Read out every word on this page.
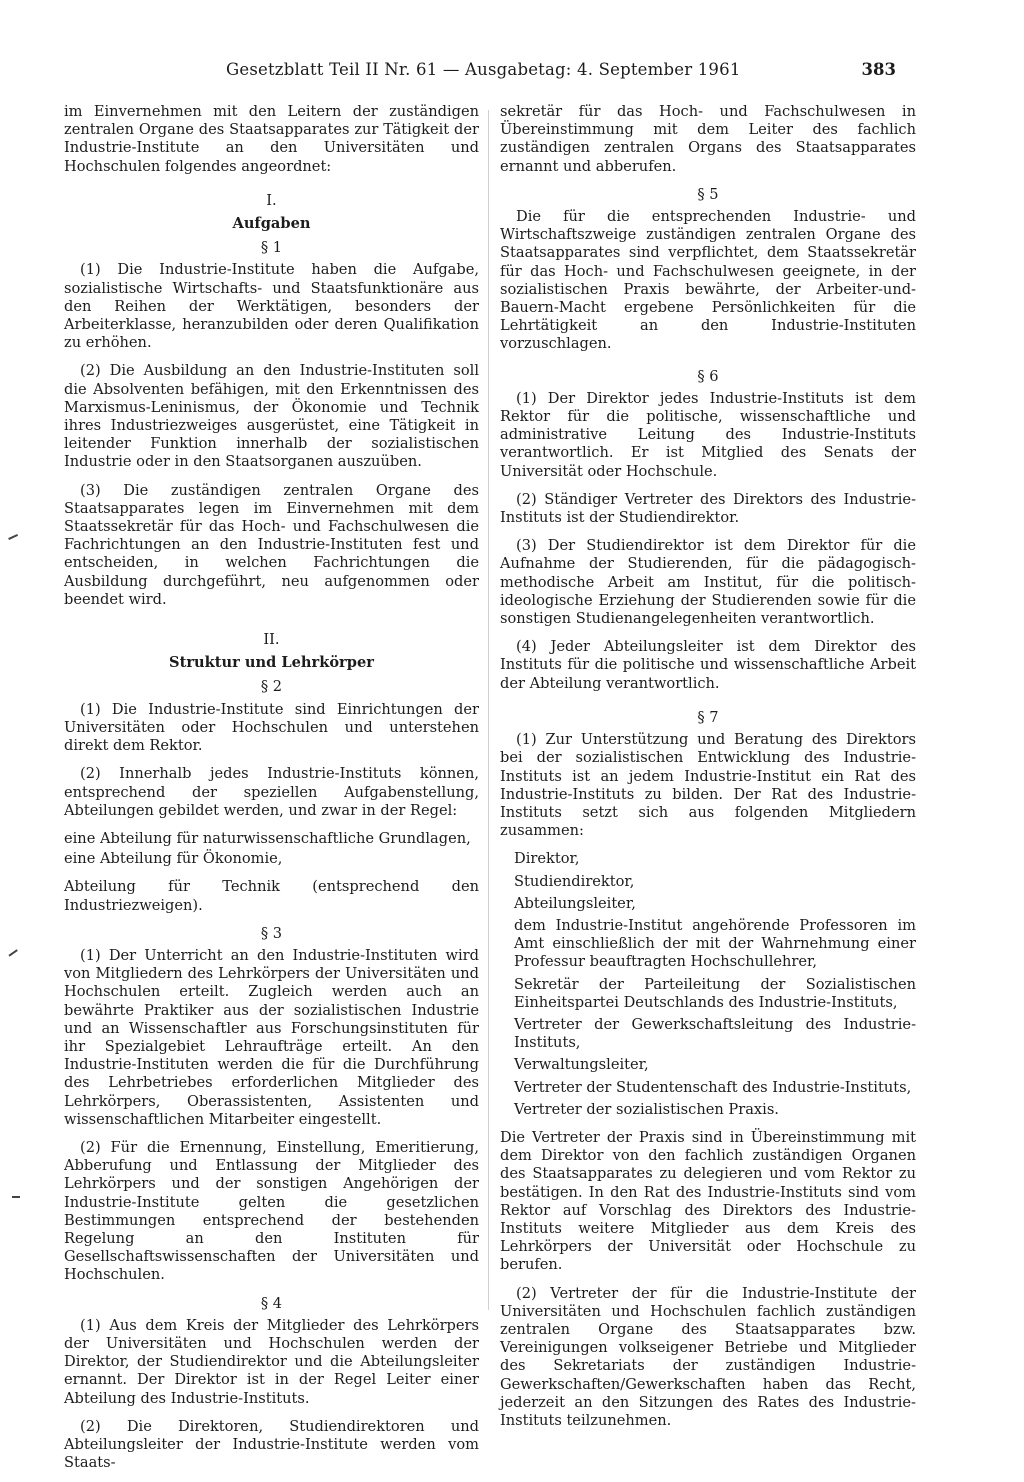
Gesetzblatt Teil II Nr. 61 — Ausgabetag: 4. September 1961	383

im Einvernehmen mit den Leitern der zuständigen zentralen Organe des Staatsapparates zur Tätigkeit der Industrie-Institute an den Universitäten und Hochschulen folgendes angeordnet:

I.
Aufgaben
§ 1

(1) Die Industrie-Institute haben die Aufgabe, sozialistische Wirtschafts- und Staatsfunktionäre aus den Reihen der Werktätigen, besonders der Arbeiterklasse, heranzubilden oder deren Qualifikation zu erhöhen.

(2) Die Ausbildung an den Industrie-Instituten soll die Absolventen befähigen, mit den Erkenntnissen des Marxismus-Leninismus, der Ökonomie und Technik ihres Industriezweiges ausgerüstet, eine Tätigkeit in leitender Funktion innerhalb der sozialistischen Industrie oder in den Staatsorganen auszuüben.

(3) Die zuständigen zentralen Organe des Staatsapparates legen im Einvernehmen mit dem Staatssekretär für das Hoch- und Fachschulwesen die Fachrichtungen an den Industrie-Instituten fest und entscheiden, in welchen Fachrichtungen die Ausbildung durchgeführt, neu aufgenommen oder beendet wird.

II.
Struktur und Lehrkörper
§ 2

(1) Die Industrie-Institute sind Einrichtungen der Universitäten oder Hochschulen und unterstehen direkt dem Rektor.

(2) Innerhalb jedes Industrie-Instituts können, entsprechend der speziellen Aufgabenstellung, Abteilungen gebildet werden, und zwar in der Regel:

eine Abteilung für naturwissenschaftliche Grundlagen,

eine Abteilung für Ökonomie,

Abteilung für Technik (entsprechend den Industriezweigen).

§ 3

(1) Der Unterricht an den Industrie-Instituten wird von Mitgliedern des Lehrkörpers der Universitäten und Hochschulen erteilt. Zugleich werden auch an bewährte Praktiker aus der sozialistischen Industrie und an Wissenschaftler aus Forschungsinstituten für ihr Spezialgebiet Lehraufträge erteilt. An den Industrie-Instituten werden die für die Durchführung des Lehrbetriebes erforderlichen Mitglieder des Lehrkörpers, Oberassistenten, Assistenten und wissenschaftlichen Mitarbeiter eingestellt.

(2) Für die Ernennung, Einstellung, Emeritierung, Abberufung und Entlassung der Mitglieder des Lehrkörpers und der sonstigen Angehörigen der Industrie-Institute gelten die gesetzlichen Bestimmungen entsprechend der bestehenden Regelung an den Instituten für Gesellschaftswissenschaften der Universitäten und Hochschulen.

§ 4

(1) Aus dem Kreis der Mitglieder des Lehrkörpers der Universitäten und Hochschulen werden der Direktor, der Studiendirektor und die Abteilungsleiter ernannt. Der Direktor ist in der Regel Leiter einer Abteilung des Industrie-Instituts.

(2) Die Direktoren, Studiendirektoren und Abteilungsleiter der Industrie-Institute werden vom Staats-

sekretär für das Hoch- und Fachschulwesen in Übereinstimmung mit dem Leiter des fachlich zuständigen zentralen Organs des Staatsapparates ernannt und abberufen.

§ 5

Die für die entsprechenden Industrie- und Wirtschaftszweige zuständigen zentralen Organe des Staatsapparates sind verpflichtet, dem Staatssekretär für das Hoch- und Fachschulwesen geeignete, in der sozialistischen Praxis bewährte, der Arbeiter-und-Bauern-Macht ergebene Persönlichkeiten für die Lehrtätigkeit an den Industrie-Instituten vorzuschlagen.

§ 6

(1) Der Direktor jedes Industrie-Instituts ist dem Rektor für die politische, wissenschaftliche und administrative Leitung des Industrie-Instituts verantwortlich. Er ist Mitglied des Senats der Universität oder Hochschule.

(2) Ständiger Vertreter des Direktors des Industrie-Instituts ist der Studiendirektor.

(3) Der Studiendirektor ist dem Direktor für die Aufnahme der Studierenden, für die pädagogisch-methodische Arbeit am Institut, für die politisch-ideologische Erziehung der Studierenden sowie für die sonstigen Studienangelegenheiten verantwortlich.

(4) Jeder Abteilungsleiter ist dem Direktor des Instituts für die politische und wissenschaftliche Arbeit der Abteilung verantwortlich.

§ 7

(1) Zur Unterstützung und Beratung des Direktors bei der sozialistischen Entwicklung des Industrie-Instituts ist an jedem Industrie-Institut ein Rat des Industrie-Instituts zu bilden. Der Rat des Industrie-Instituts setzt sich aus folgenden Mitgliedern zusammen:

Direktor,
Studiendirektor,
Abteilungsleiter,
dem Industrie-Institut angehörende Professoren im Amt einschließlich der mit der Wahrnehmung einer Professur beauftragten Hochschullehrer,
Sekretär der Parteileitung der Sozialistischen Einheitspartei Deutschlands des Industrie-Instituts,
Vertreter der Gewerkschaftsleitung des Industrie-Instituts,
Verwaltungsleiter,
Vertreter der Studentenschaft des Industrie-Instituts,
Vertreter der sozialistischen Praxis.

Die Vertreter der Praxis sind in Übereinstimmung mit dem Direktor von den fachlich zuständigen Organen des Staatsapparates zu delegieren und vom Rektor zu bestätigen. In den Rat des Industrie-Instituts sind vom Rektor auf Vorschlag des Direktors des Industrie-Instituts weitere Mitglieder aus dem Kreis des Lehrkörpers der Universität oder Hochschule zu berufen.

(2) Vertreter der für die Industrie-Institute der Universitäten und Hochschulen fachlich zuständigen zentralen Organe des Staatsapparates bzw. Vereinigungen volkseigener Betriebe und Mitglieder des Sekretariats der zuständigen Industrie-Gewerkschaften/Gewerkschaften haben das Recht, jederzeit an den Sitzungen des Rates des Industrie-Instituts teilzunehmen.
